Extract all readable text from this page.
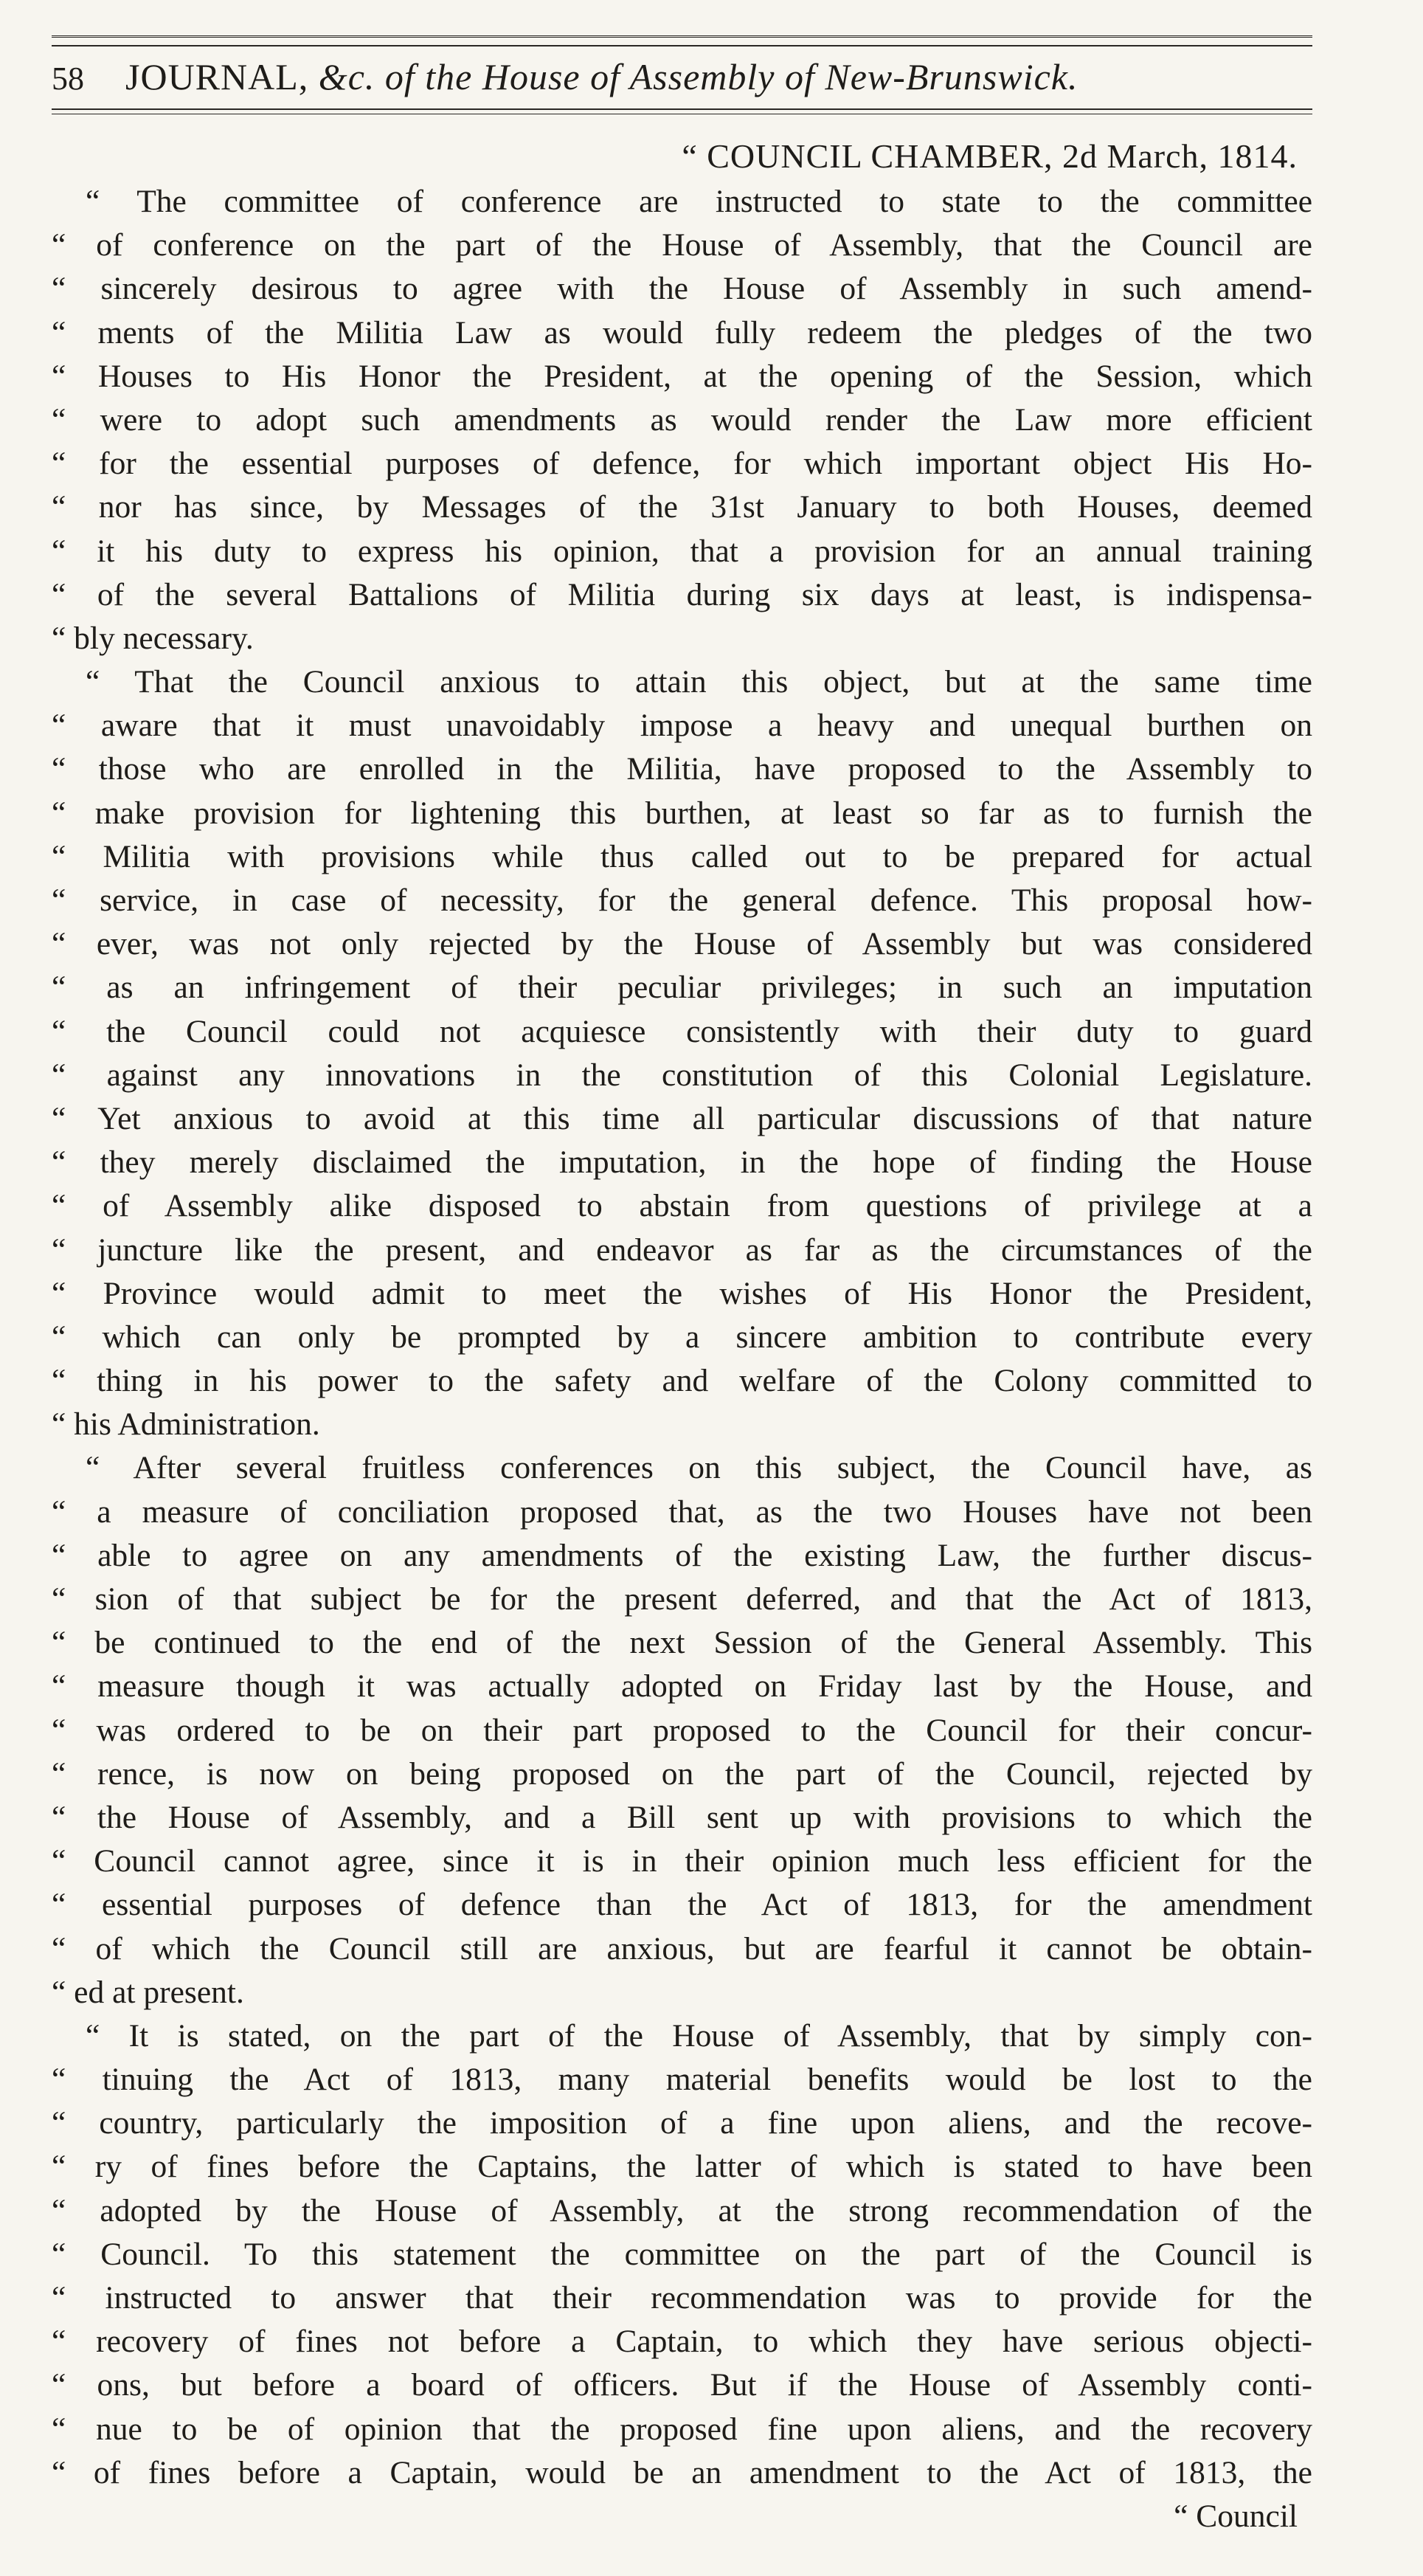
58	JOURNAL, &c. of the House of Assembly of New-Brunswick.
“ COUNCIL CHAMBER, 2d March, 1814.
“ The committee of conference are instructed to state to the committee
“ of conference on the part of the House of Assembly, that the Council are
“ sincerely desirous to agree with the House of Assembly in such amend-
“ ments of the Militia Law as would fully redeem the pledges of the two
“ Houses to His Honor the President, at the opening of the Session, which
“ were to adopt such amendments as would render the Law more efficient
“ for the essential purposes of defence, for which important object His Ho-
“ nor has since, by Messages of the 31st January to both Houses, deemed
“ it his duty to express his opinion, that a provision for an annual training
“ of the several Battalions of Militia during six days at least, is indispensa-
“ bly necessary.
“ That the Council anxious to attain this object, but at the same time
“ aware that it must unavoidably impose a heavy and unequal burthen on
“ those who are enrolled in the Militia, have proposed to the Assembly to
“ make provision for lightening this burthen, at least so far as to furnish the
“ Militia with provisions while thus called out to be prepared for actual
“ service, in case of necessity, for the general defence. This proposal how-
“ ever, was not only rejected by the House of Assembly but was considered
“ as an infringement of their peculiar privileges; in such an imputation
“ the Council could not acquiesce consistently with their duty to guard
“ against any innovations in the constitution of this Colonial Legislature.
“ Yet anxious to avoid at this time all particular discussions of that nature
“ they merely disclaimed the imputation, in the hope of finding the House
“ of Assembly alike disposed to abstain from questions of privilege at a
“ juncture like the present, and endeavor as far as the circumstances of the
“ Province would admit to meet the wishes of His Honor the President,
“ which can only be prompted by a sincere ambition to contribute every
“ thing in his power to the safety and welfare of the Colony committed to
“ his Administration.
“ After several fruitless conferences on this subject, the Council have, as
“ a measure of conciliation proposed that, as the two Houses have not been
“ able to agree on any amendments of the existing Law, the further discus-
“ sion of that subject be for the present deferred, and that the Act of 1813,
“ be continued to the end of the next Session of the General Assembly. This
“ measure though it was actually adopted on Friday last by the House, and
“ was ordered to be on their part proposed to the Council for their concur-
“ rence, is now on being proposed on the part of the Council, rejected by
“ the House of Assembly, and a Bill sent up with provisions to which the
“ Council cannot agree, since it is in their opinion much less efficient for the
“ essential purposes of defence than the Act of 1813, for the amendment
“ of which the Council still are anxious, but are fearful it cannot be obtain-
“ ed at present.
“ It is stated, on the part of the House of Assembly, that by simply con-
“ tinuing the Act of 1813, many material benefits would be lost to the
“ country, particularly the imposition of a fine upon aliens, and the recove-
“ ry of fines before the Captains, the latter of which is stated to have been
“ adopted by the House of Assembly, at the strong recommendation of the
“ Council. To this statement the committee on the part of the Council is
“ instructed to answer that their recommendation was to provide for the
“ recovery of fines not before a Captain, to which they have serious objecti-
“ ons, but before a board of officers. But if the House of Assembly conti-
“ nue to be of opinion that the proposed fine upon aliens, and the recovery
“ of fines before a Captain, would be an amendment to the Act of 1813, the
“ Council
